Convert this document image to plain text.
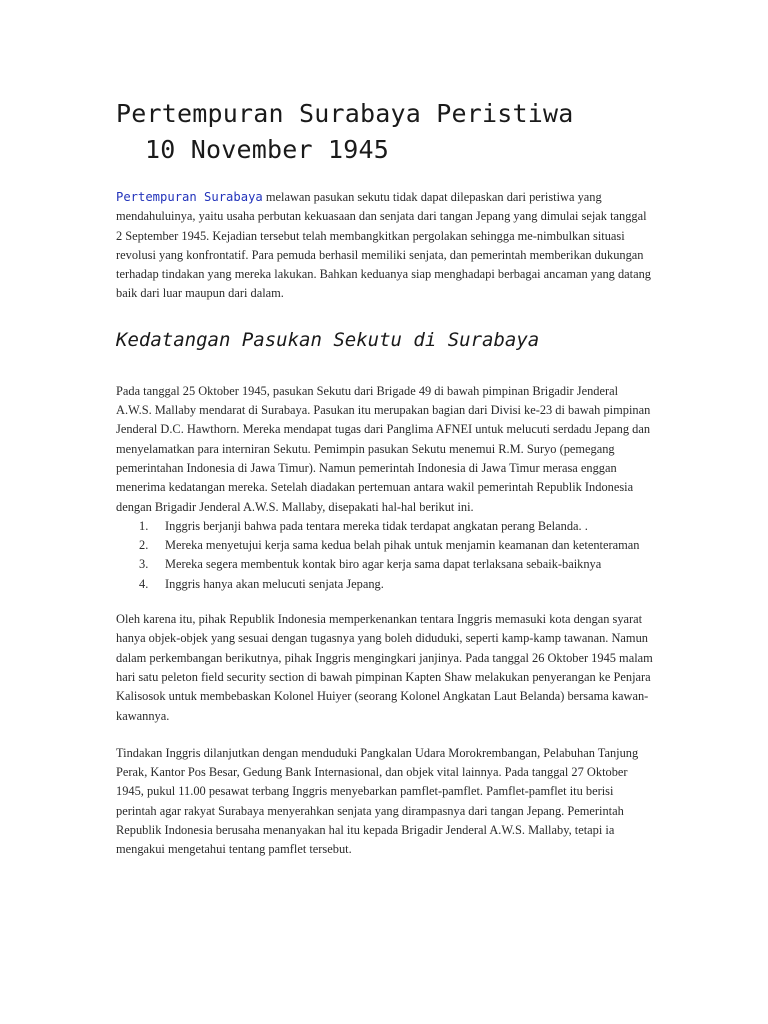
Pertempuran Surabaya Peristiwa
10 November 1945

Pertempuran Surabaya melawan pasukan sekutu tidak dapat dilepaskan dari peristiwa yang mendahuluinya, yaitu usaha perbutan kekuasaan dan senjata dari tangan Jepang yang dimulai sejak tanggal 2 September 1945. Kejadian tersebut telah membangkitkan pergolakan sehingga me-nimbulkan situasi revolusi yang konfrontatif. Para pemuda berhasil memiliki senjata, dan pemerintah memberikan dukungan terhadap tindakan yang mereka lakukan. Bahkan keduanya siap menghadapi berbagai ancaman yang datang baik dari luar maupun dari dalam.

Kedatangan Pasukan Sekutu di Surabaya

Pada tanggal 25 Oktober 1945, pasukan Sekutu dari Brigade 49 di bawah pimpinan Brigadir Jenderal A.W.S. Mallaby mendarat di Surabaya. Pasukan itu merupakan bagian dari Divisi ke-23 di bawah pimpinan Jenderal D.C. Hawthorn. Mereka mendapat tugas dari Panglima AFNEI untuk melucuti serdadu Jepang dan menyelamatkan para interniran Sekutu. Pemimpin pasukan Sekutu menemui R.M. Suryo (pemegang pemerintahan Indonesia di Jawa Timur). Namun pemerintah Indonesia di Jawa Timur merasa enggan menerima kedatangan mereka. Setelah diadakan pertemuan antara wakil pemerintah Republik Indonesia dengan Brigadir Jenderal A.W.S. Mallaby, disepakati hal-hal berikut ini.

1. Inggris berjanji bahwa pada tentara mereka tidak terdapat angkatan perang Belanda. .
2. Mereka menyetujui kerja sama kedua belah pihak untuk menjamin keamanan dan ketenteraman
3. Mereka segera membentuk kontak biro agar kerja sama dapat terlaksana sebaik-baiknya
4. Inggris hanya akan melucuti senjata Jepang.

Oleh karena itu, pihak Republik Indonesia memperkenankan tentara Inggris memasuki kota dengan syarat hanya objek-objek yang sesuai dengan tugasnya yang boleh diduduki, seperti kamp-kamp tawanan. Namun dalam perkembangan berikutnya, pihak Inggris mengingkari janjinya. Pada tanggal 26 Oktober 1945 malam hari satu peleton field security section di bawah pimpinan Kapten Shaw melakukan penyerangan ke Penjara Kalisosok untuk membebaskan Kolonel Huiyer (seorang Kolonel Angkatan Laut Belanda) bersama kawan-kawannya.

Tindakan Inggris dilanjutkan dengan menduduki Pangkalan Udara Morokrembangan, Pelabuhan Tanjung Perak, Kantor Pos Besar, Gedung Bank Internasional, dan objek vital lainnya. Pada tanggal 27 Oktober 1945, pukul 11.00 pesawat terbang Inggris menyebarkan pamflet-pamflet. Pamflet-pamflet itu berisi perintah agar rakyat Surabaya menyerahkan senjata yang dirampasnya dari tangan Jepang. Pemerintah Republik Indonesia berusaha menanyakan hal itu kepada Brigadir Jenderal A.W.S. Mallaby, tetapi ia mengakui mengetahui tentang pamflet tersebut.
